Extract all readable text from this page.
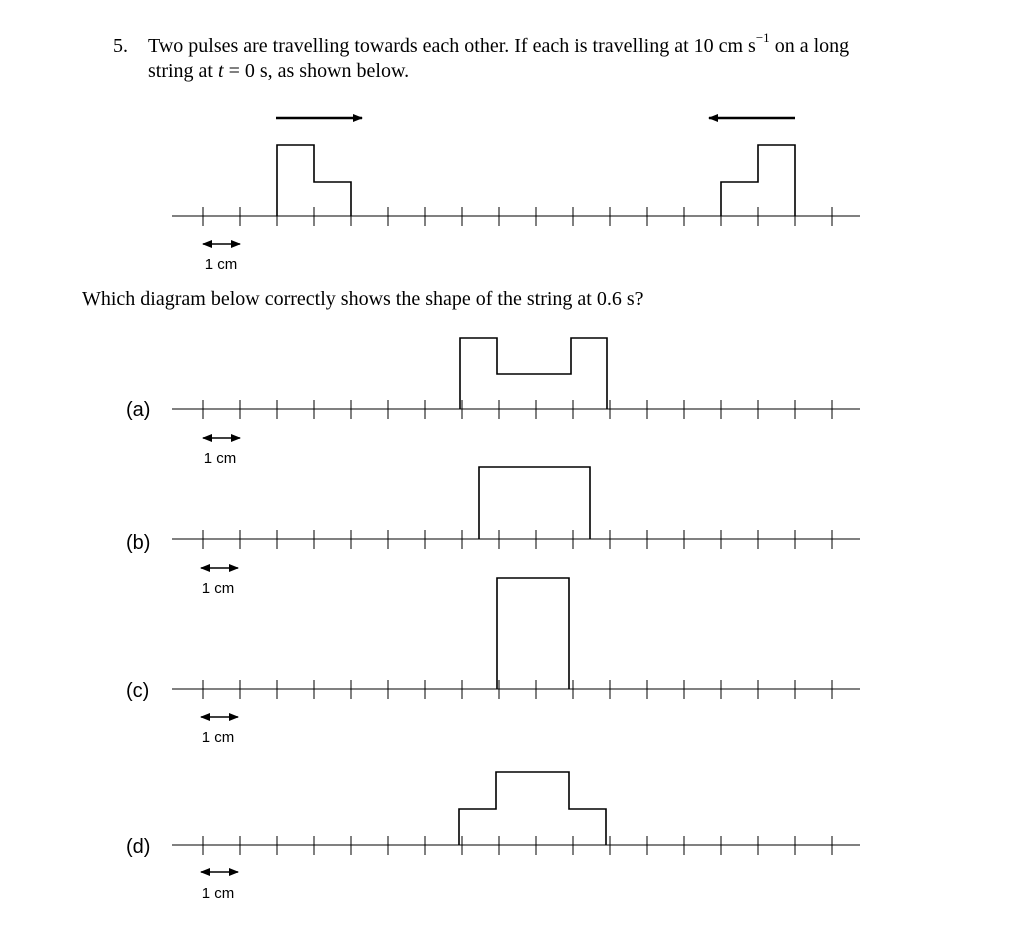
5. Two pulses are travelling towards each other. If each is travelling at 10 cm $s^{-1}$ on a long
string at t = 0 s, as shown below.
Which diagram below correctly shows the shape of the string at 0.6 s?
1 cm
(a)
1 cm
(b)
1 cm
(c)
1 cm
(d)
1 cm
